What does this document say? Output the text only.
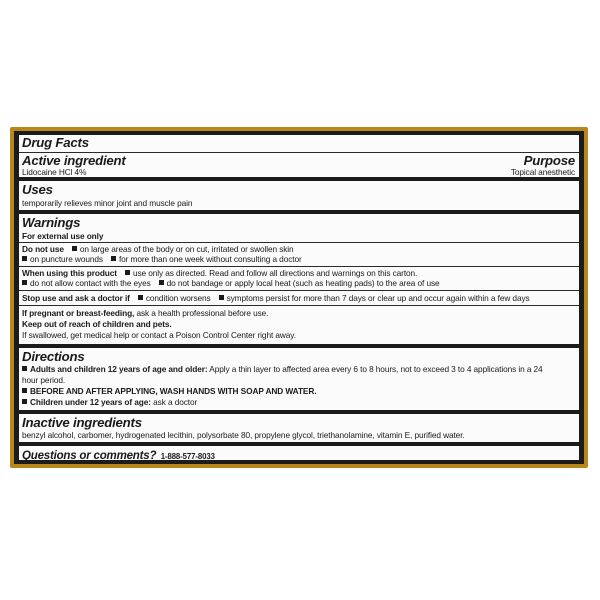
Drug Facts
Active ingredient	Purpose
Lidocaine HCl 4%	Topical anesthetic
Uses
temporarily relieves minor joint and muscle pain
Warnings
For external use only
Do not use on large areas of the body or on cut, irritated or swollen skin
on puncture wounds for more than one week without consulting a doctor
When using this product use only as directed. Read and follow all directions and warnings on this carton.
do not allow contact with the eyes do not bandage or apply local heat (such as heating pads) to the area of use
Stop use and ask a doctor if condition worsens symptoms persist for more than 7 days or clear up and occur again within a few days
If pregnant or breast-feeding, ask a health professional before use.
Keep out of reach of children and pets.
If swallowed, get medical help or contact a Poison Control Center right away.
Directions
Adults and children 12 years of age and older: Apply a thin layer to affected area every 6 to 8 hours, not to exceed 3 to 4 applications in a 24
hour period.
BEFORE AND AFTER APPLYING, WASH HANDS WITH SOAP AND WATER.
Children under 12 years of age: ask a doctor
Inactive ingredients
benzyl alcohol, carbomer, hydrogenated lecithin, polysorbate 80, propylene glycol, triethanolamine, vitamin E, purified water.
Questions or comments? 1-888-577-8033
